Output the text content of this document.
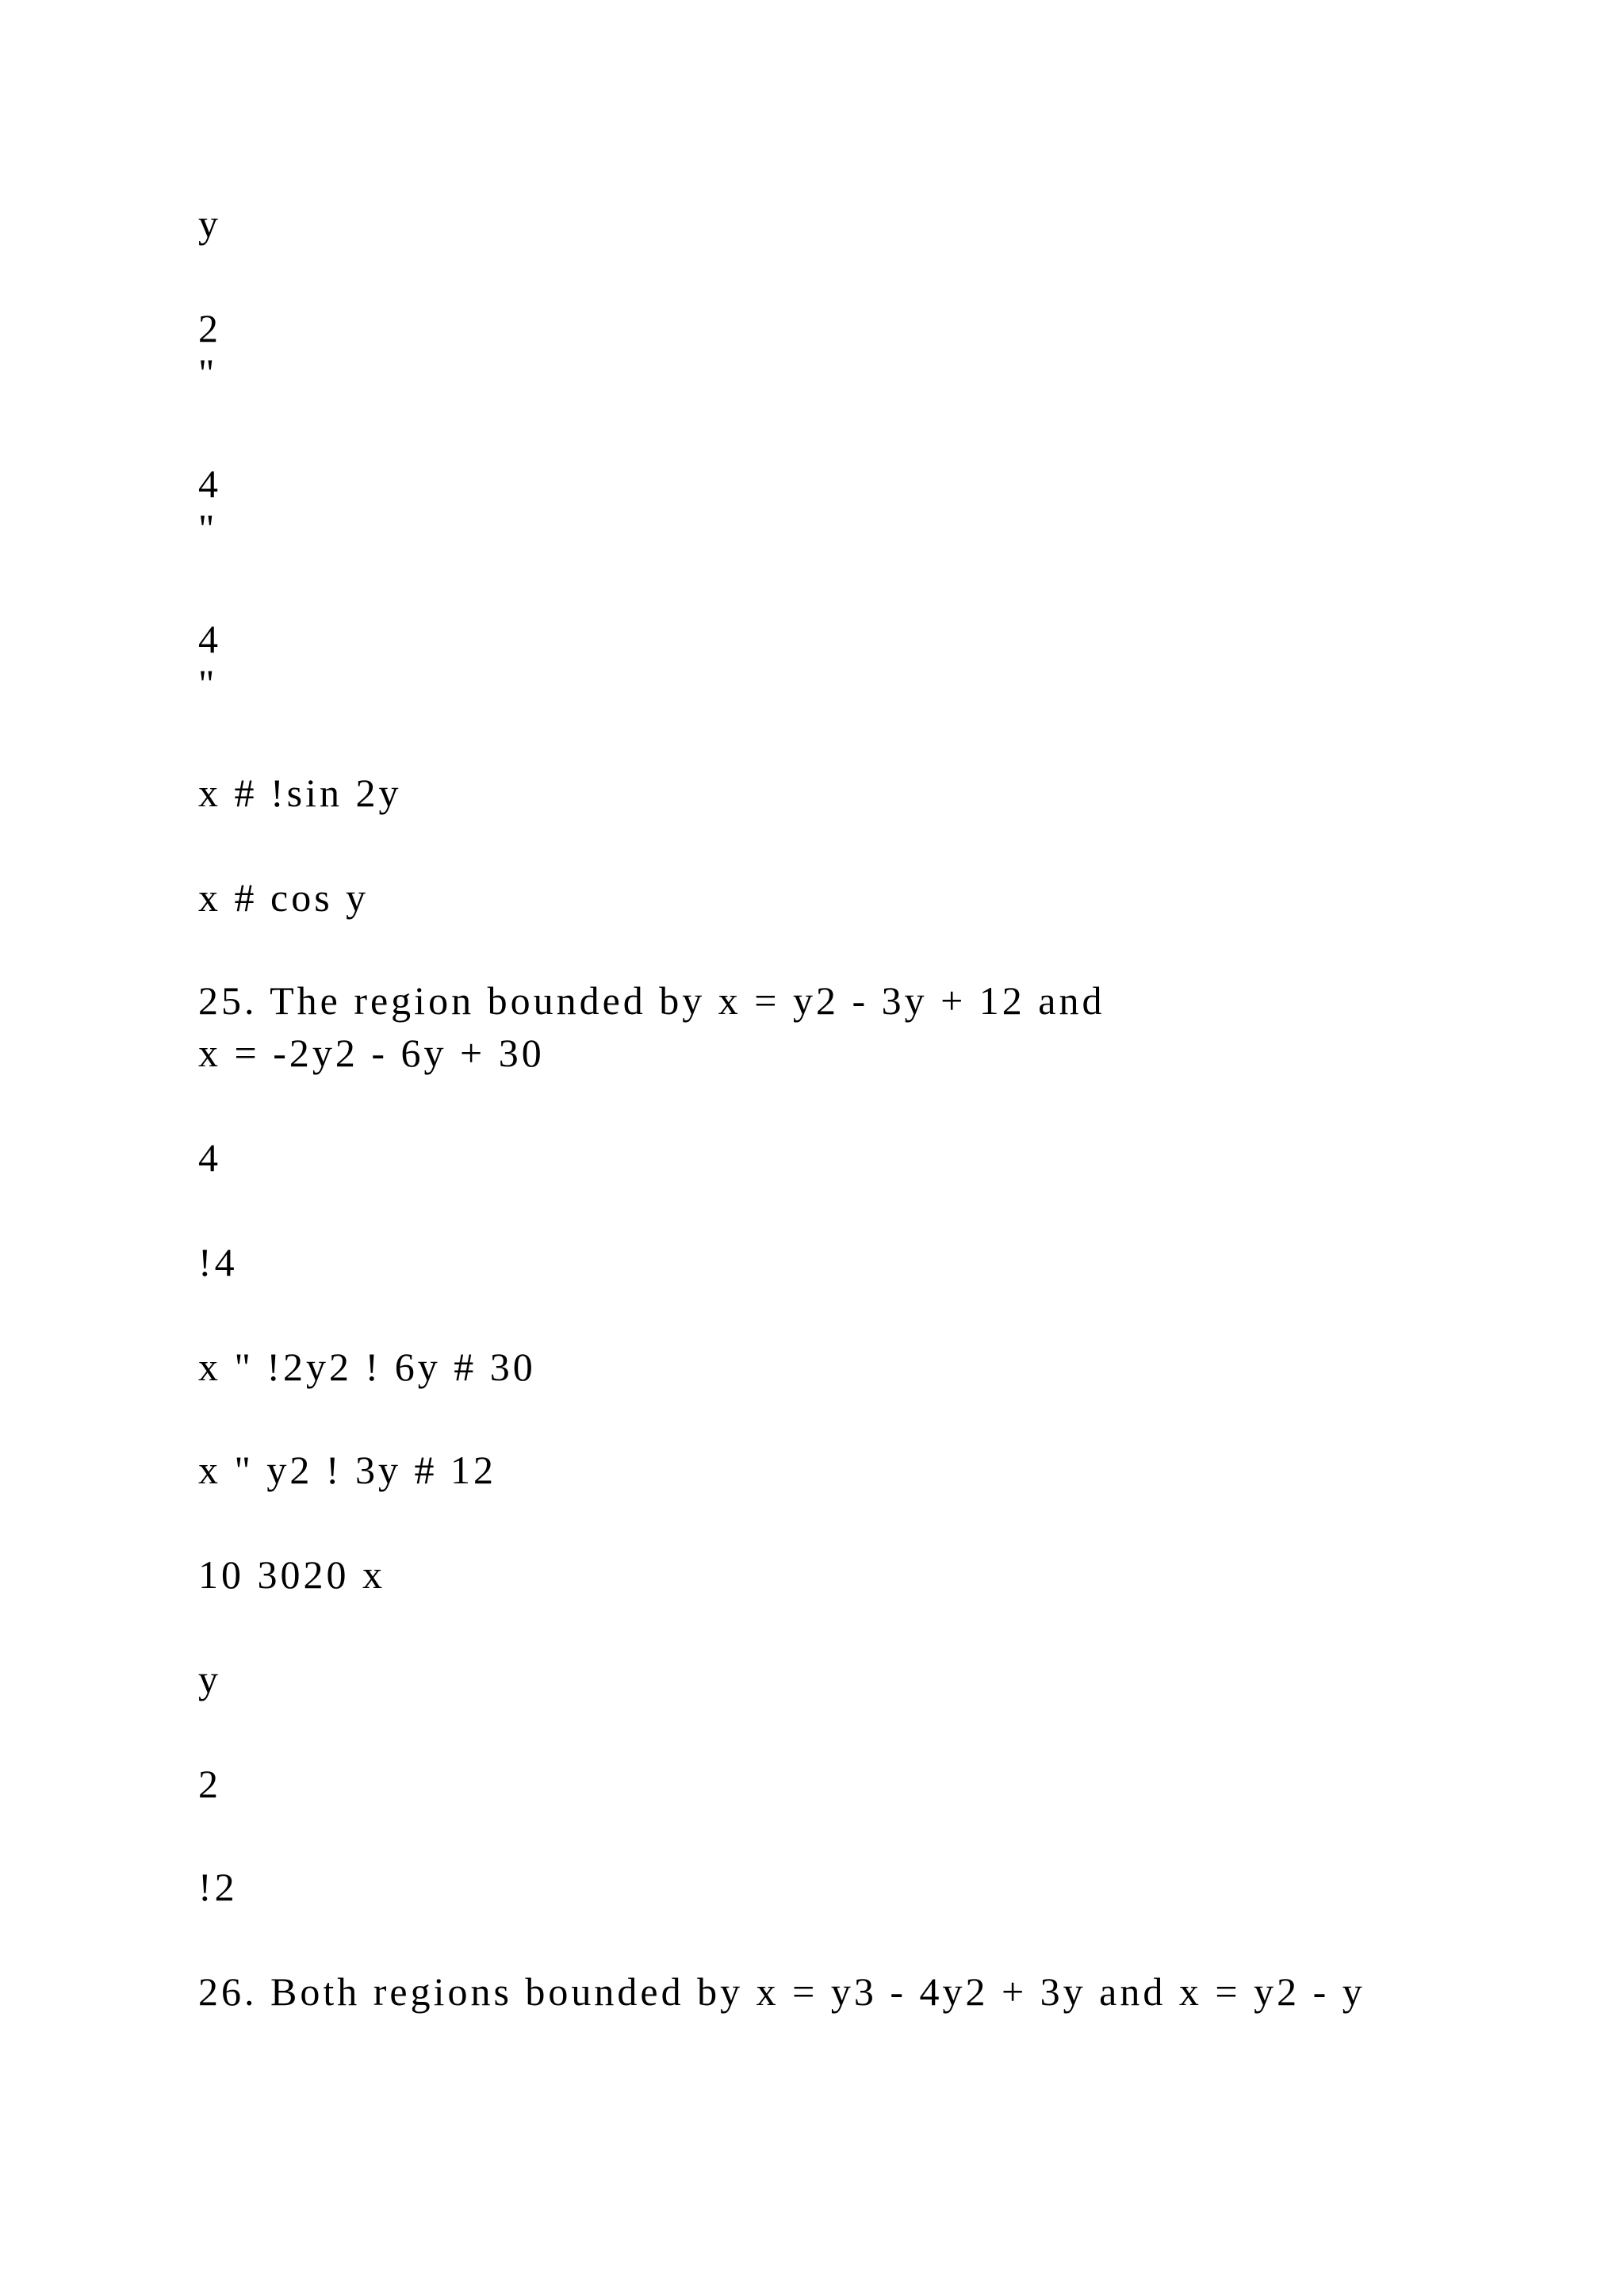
y

2

"

4

"

4

"

x # !sin 2y

x # cos y

25. The region bounded by x = y2 - 3y + 12 and

x = -2y2 - 6y + 30

4

!4

x " !2y2 ! 6y # 30

x " y2 ! 3y # 12

10 3020 x

y

2

!2

26. Both regions bounded by x = y3 - 4y2 + 3y and x = y2 - y
